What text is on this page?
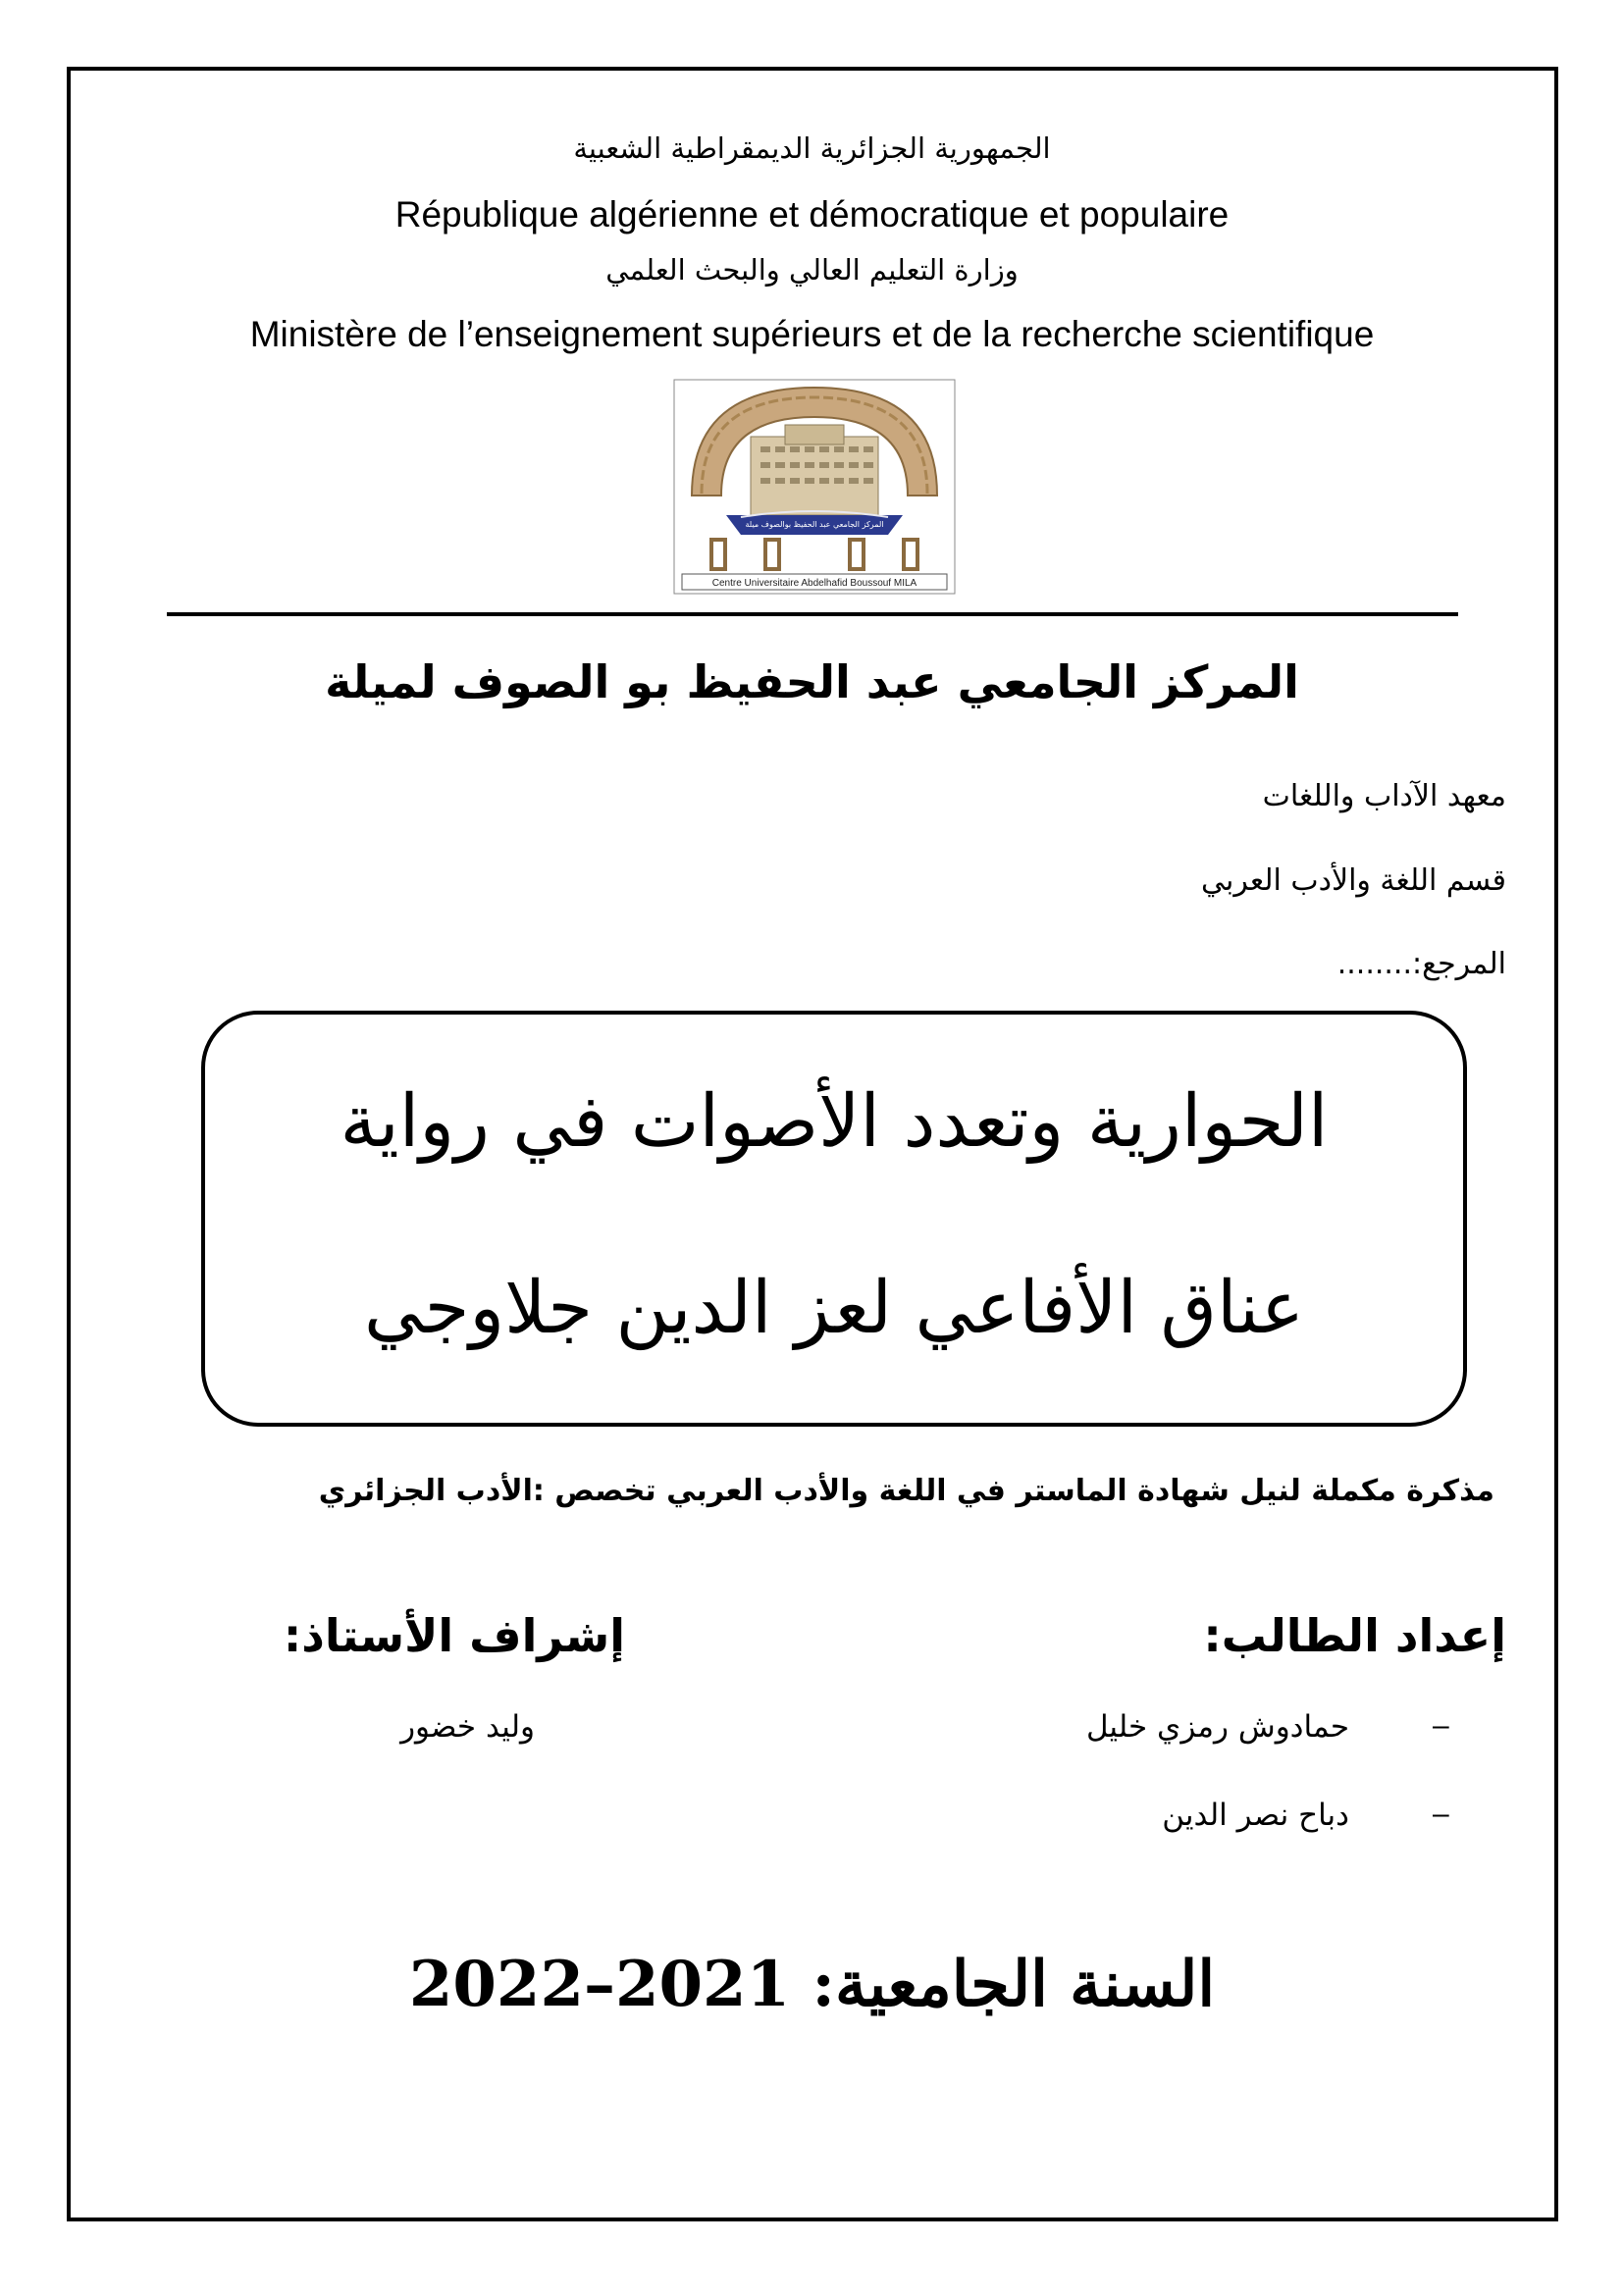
الجمهورية الجزائرية الديمقراطية الشعبية
République algérienne et démocratique et populaire
وزارة التعليم العالي والبحث العلمي
Ministère de l’enseignement supérieurs et de la recherche scientifique
Centre Universitaire Abdelhafid Boussouf MILA
المركز الجامعي عبد الحفيظ بوالصوف ميلة
المركز الجامعي عبد الحفيظ بو الصوف لميلة
معهد الآداب واللغات
قسم اللغة والأدب العربي
المرجع:........
الحوارية وتعدد الأصوات في رواية
عناق الأفاعي لعز الدين جلاوجي
مذكرة مكملة لنيل شهادة الماستر في اللغة والأدب العربي تخصص :الأدب الجزائري
إعداد الطالب:
إشراف الأستاذ:
–
حمادوش رمزي خليل
وليد خضور
–
دباح نصر الدين
السنة الجامعية: 2021–2022
